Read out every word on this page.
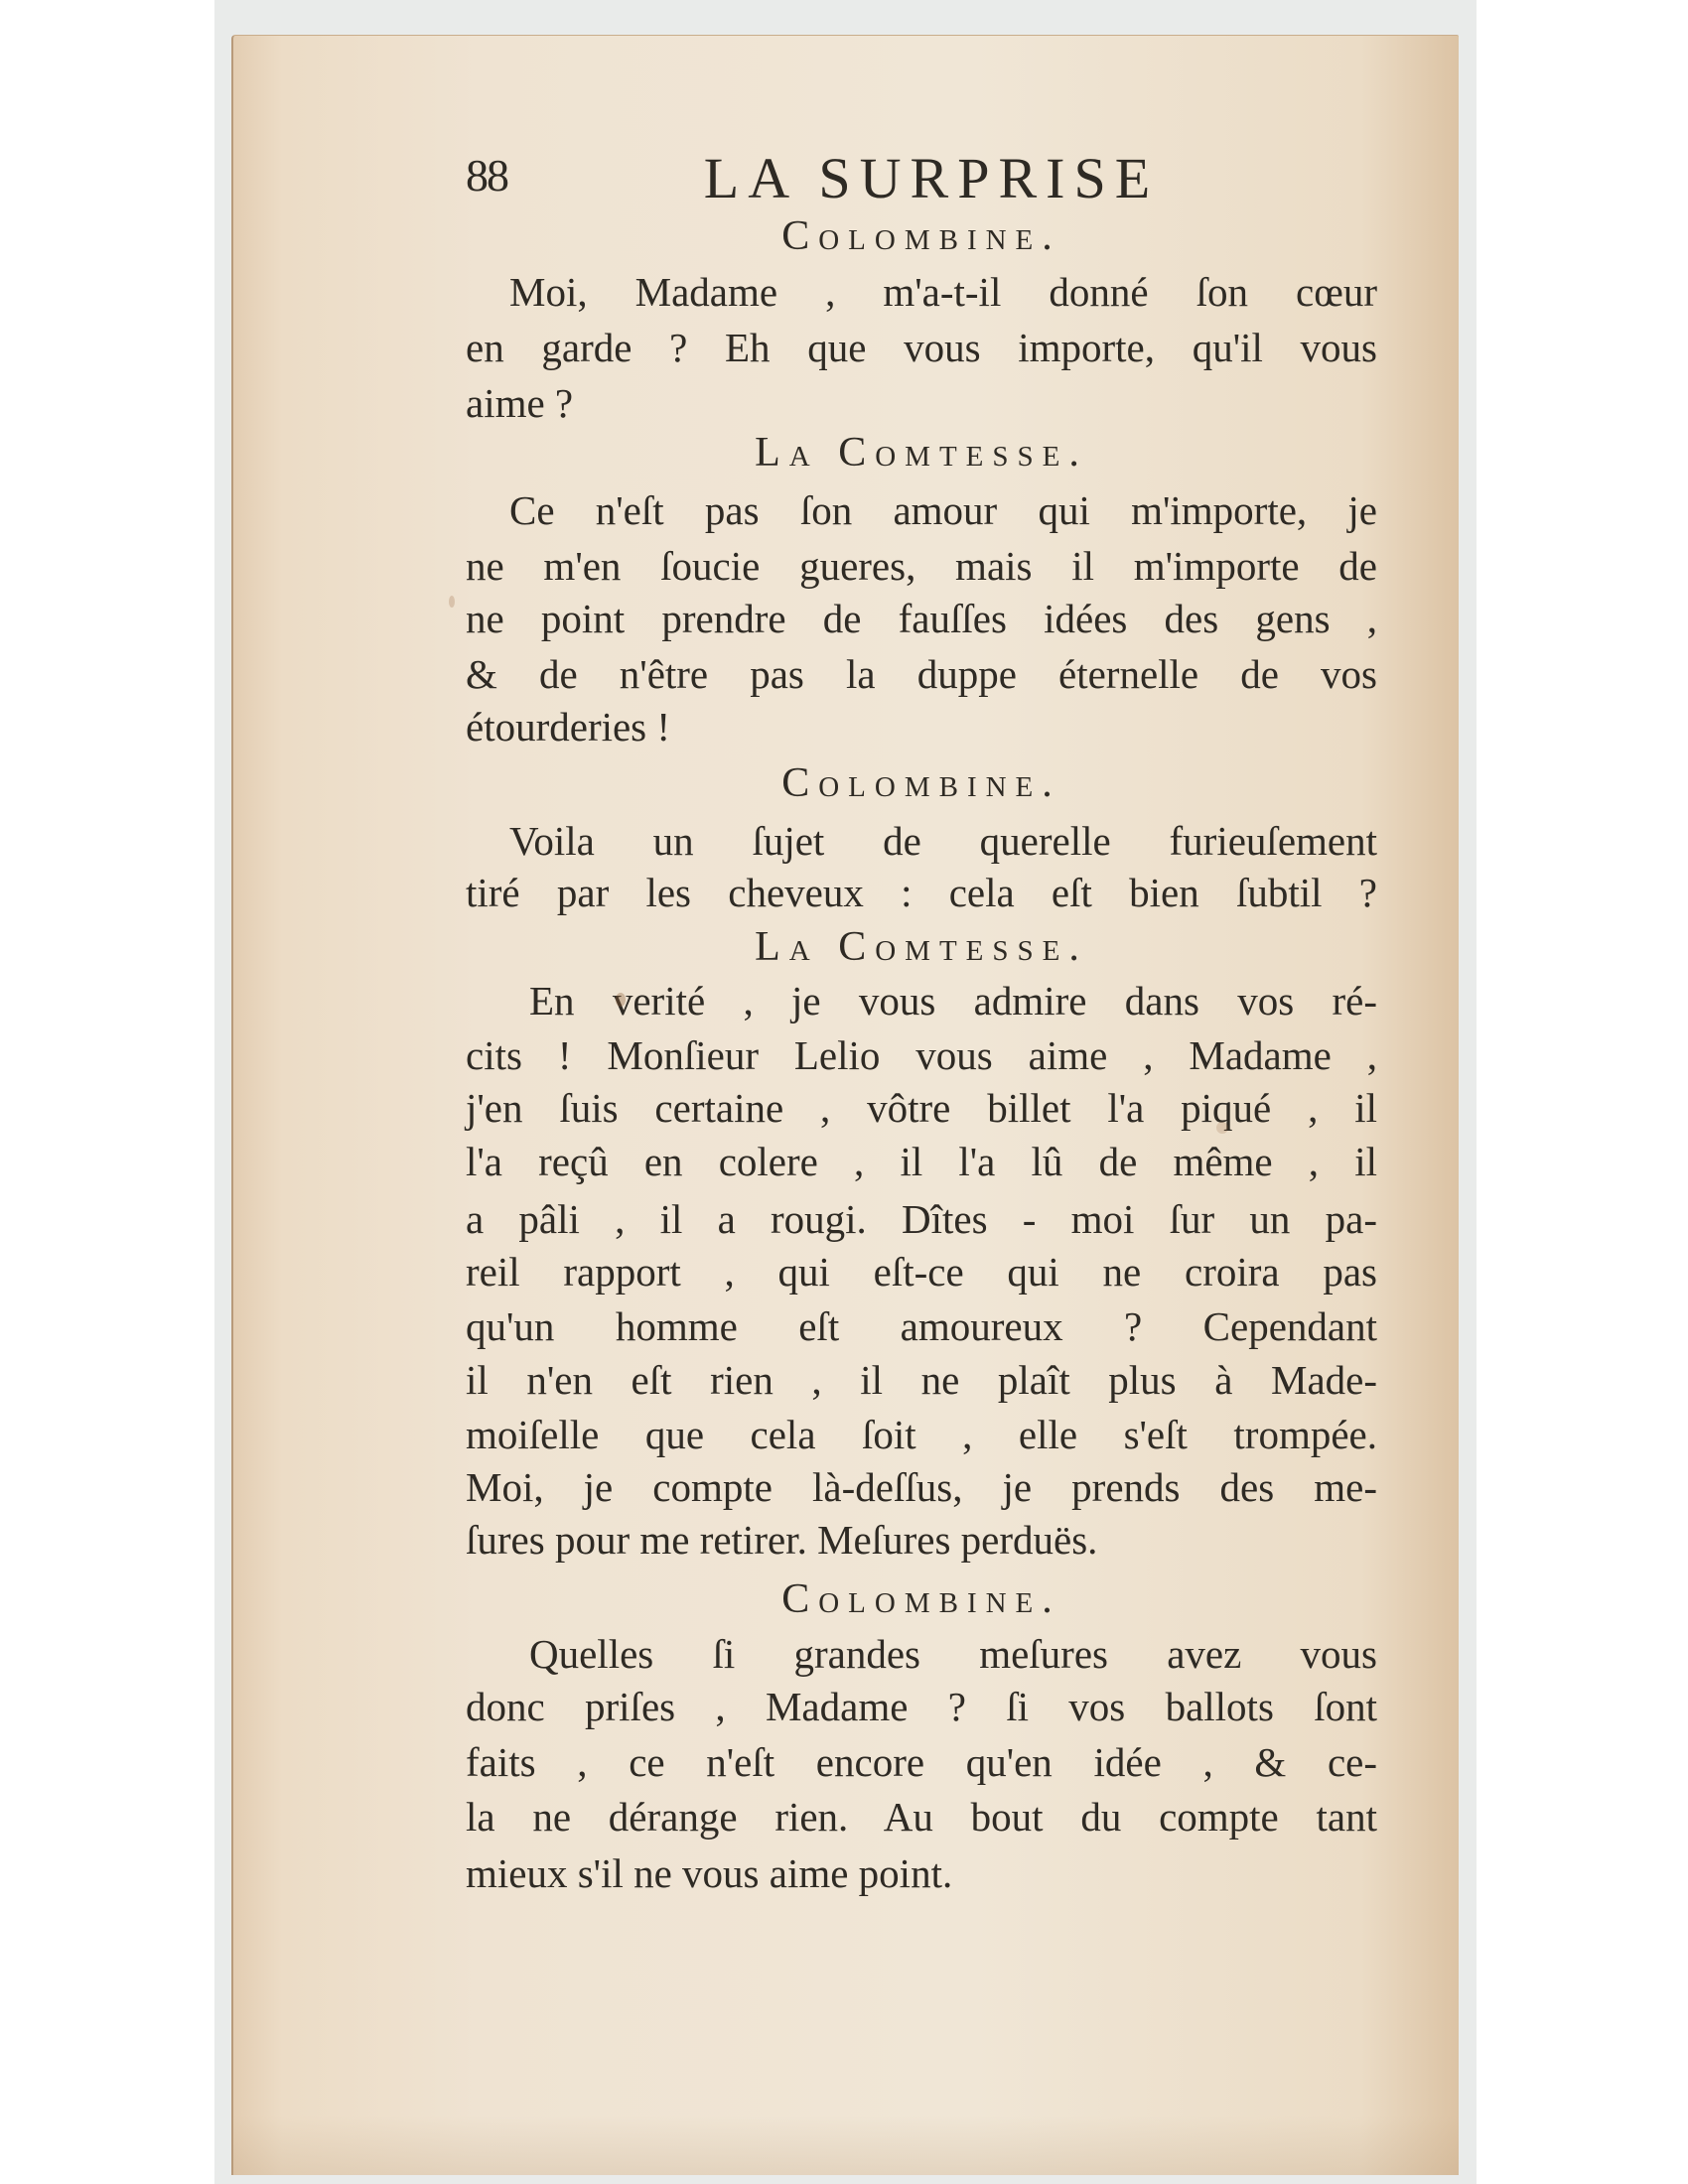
88	LA SURPRISE
Colombine.
Moi, Madame , m'a-t-il donné ſon cœur
en garde ? Eh que vous importe, qu'il vous
aime ?
La Comtesse.
Ce n'eſt pas ſon amour qui m'importe, je
ne m'en ſoucie gueres, mais il m'importe de
ne point prendre de fauſſes idées des gens ,
& de n'être pas la duppe éternelle de vos
étourderies !
Colombine.
Voila un ſujet de querelle furieuſement
tiré par les cheveux : cela eſt bien ſubtil ?
La Comtesse.
En verité , je vous admire dans vos ré-
cits ! Monſieur Lelio vous aime , Madame ,
j'en ſuis certaine , vôtre billet l'a piqué , il
l'a reçû en colere , il l'a lû de même , il
a pâli , il a rougi. Dîtes - moi ſur un pa-
reil rapport , qui eſt-ce qui ne croira pas
qu'un homme eſt amoureux ? Cependant
il n'en eſt rien , il ne plaît plus à Made-
moiſelle que cela ſoit , elle s'eſt trompée.
Moi, je compte là-deſſus, je prends des me-
ſures pour me retirer. Meſures perduës.
Colombine.
Quelles ſi grandes meſures avez vous
donc priſes , Madame ? ſi vos ballots ſont
faits , ce n'eſt encore qu'en idée , & ce-
la ne dérange rien. Au bout du compte tant
mieux s'il ne vous aime point.
